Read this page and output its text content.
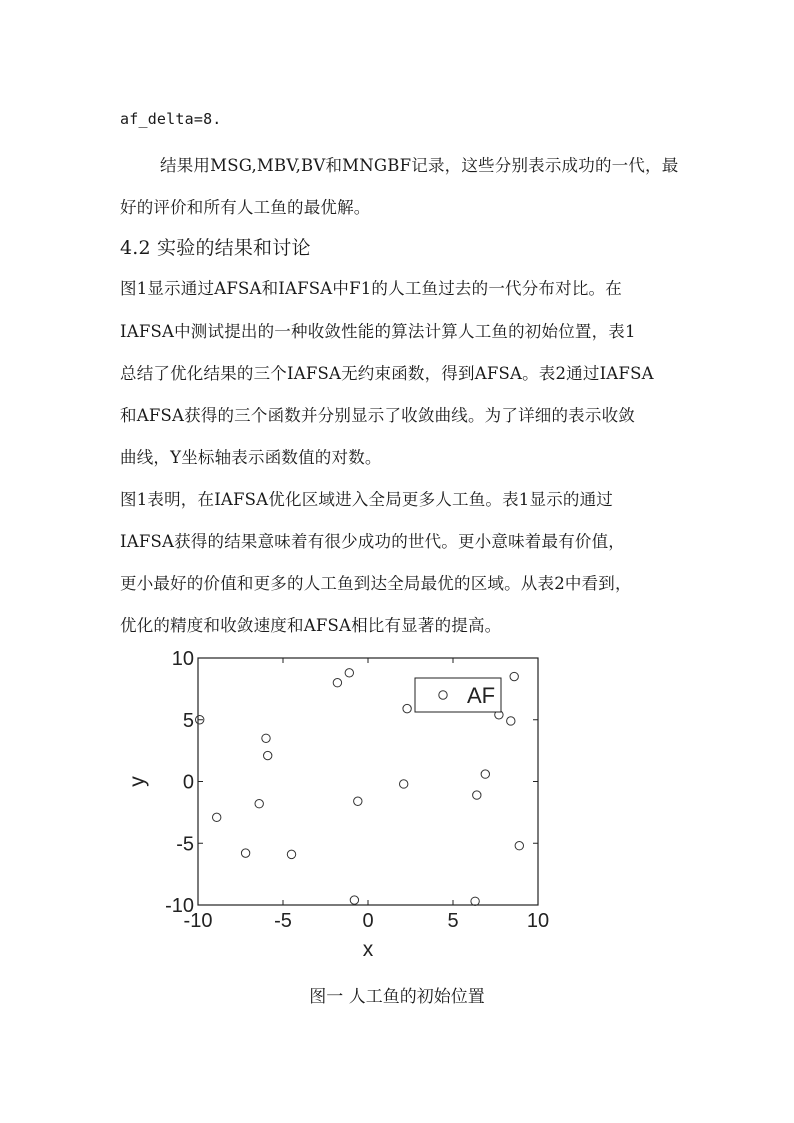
af_delta=8.
结果用MSG,MBV,BV和MNGBF记录，这些分别表示成功的一代，最
好的评价和所有人工鱼的最优解。
4.2 实验的结果和讨论
图1显示通过AFSA和IAFSA中F1的人工鱼过去的一代分布对比。在
IAFSA中测试提出的一种收敛性能的算法计算人工鱼的初始位置，表1
总结了优化结果的三个IAFSA无约束函数，得到AFSA。表2通过IAFSA
和AFSA获得的三个函数并分别显示了收敛曲线。为了详细的表示收敛
曲线，Y坐标轴表示函数值的对数。
图1表明，在IAFSA优化区域进入全局更多人工鱼。表1显示的通过
IAFSA获得的结果意味着有很少成功的世代。更小意味着最有价值，
更小最好的价值和更多的人工鱼到达全局最优的区域。从表2中看到，
优化的精度和收敛速度和AFSA相比有显著的提高。
-10	-5	0	5	10
10
5
0
-5
-10
x
y
AF
图一 人工鱼的初始位置
